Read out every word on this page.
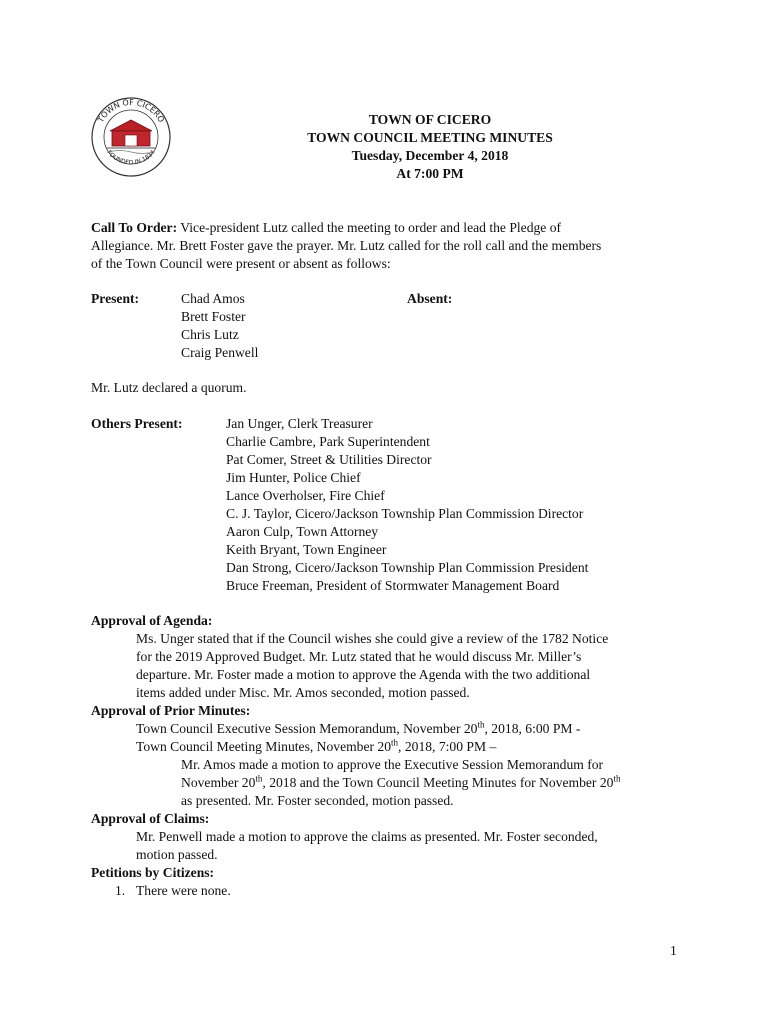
TOWN OF CICERO
FOUNDED IN 1834
TOWN OF CICERO
TOWN COUNCIL MEETING MINUTES
Tuesday, December 4, 2018
At 7:00 PM
Call To Order: Vice-president Lutz called the meeting to order and lead the Pledge of
Allegiance. Mr. Brett Foster gave the prayer. Mr. Lutz called for the roll call and the members
of the Town Council were present or absent as follows:
Present:	Chad Amos
Brett Foster
Chris Lutz
Craig Penwell
Absent:
Mr. Lutz declared a quorum.
Others Present:	Jan Unger, Clerk Treasurer
Charlie Cambre, Park Superintendent
Pat Comer, Street & Utilities Director
Jim Hunter, Police Chief
Lance Overholser, Fire Chief
C. J. Taylor, Cicero/Jackson Township Plan Commission Director
Aaron Culp, Town Attorney
Keith Bryant, Town Engineer
Dan Strong, Cicero/Jackson Township Plan Commission President
Bruce Freeman, President of Stormwater Management Board
Approval of Agenda:
Ms. Unger stated that if the Council wishes she could give a review of the 1782 Notice
for the 2019 Approved Budget. Mr. Lutz stated that he would discuss Mr. Miller’s
departure. Mr. Foster made a motion to approve the Agenda with the two additional
items added under Misc. Mr. Amos seconded, motion passed.
Approval of Prior Minutes:
Town Council Executive Session Memorandum, November 20th, 2018, 6:00 PM -
Town Council Meeting Minutes, November 20th, 2018, 7:00 PM –
Mr. Amos made a motion to approve the Executive Session Memorandum for
November 20th, 2018 and the Town Council Meeting Minutes for November 20th
as presented. Mr. Foster seconded, motion passed.
Approval of Claims:
Mr. Penwell made a motion to approve the claims as presented. Mr. Foster seconded,
motion passed.
Petitions by Citizens:
1. There were none.
1
